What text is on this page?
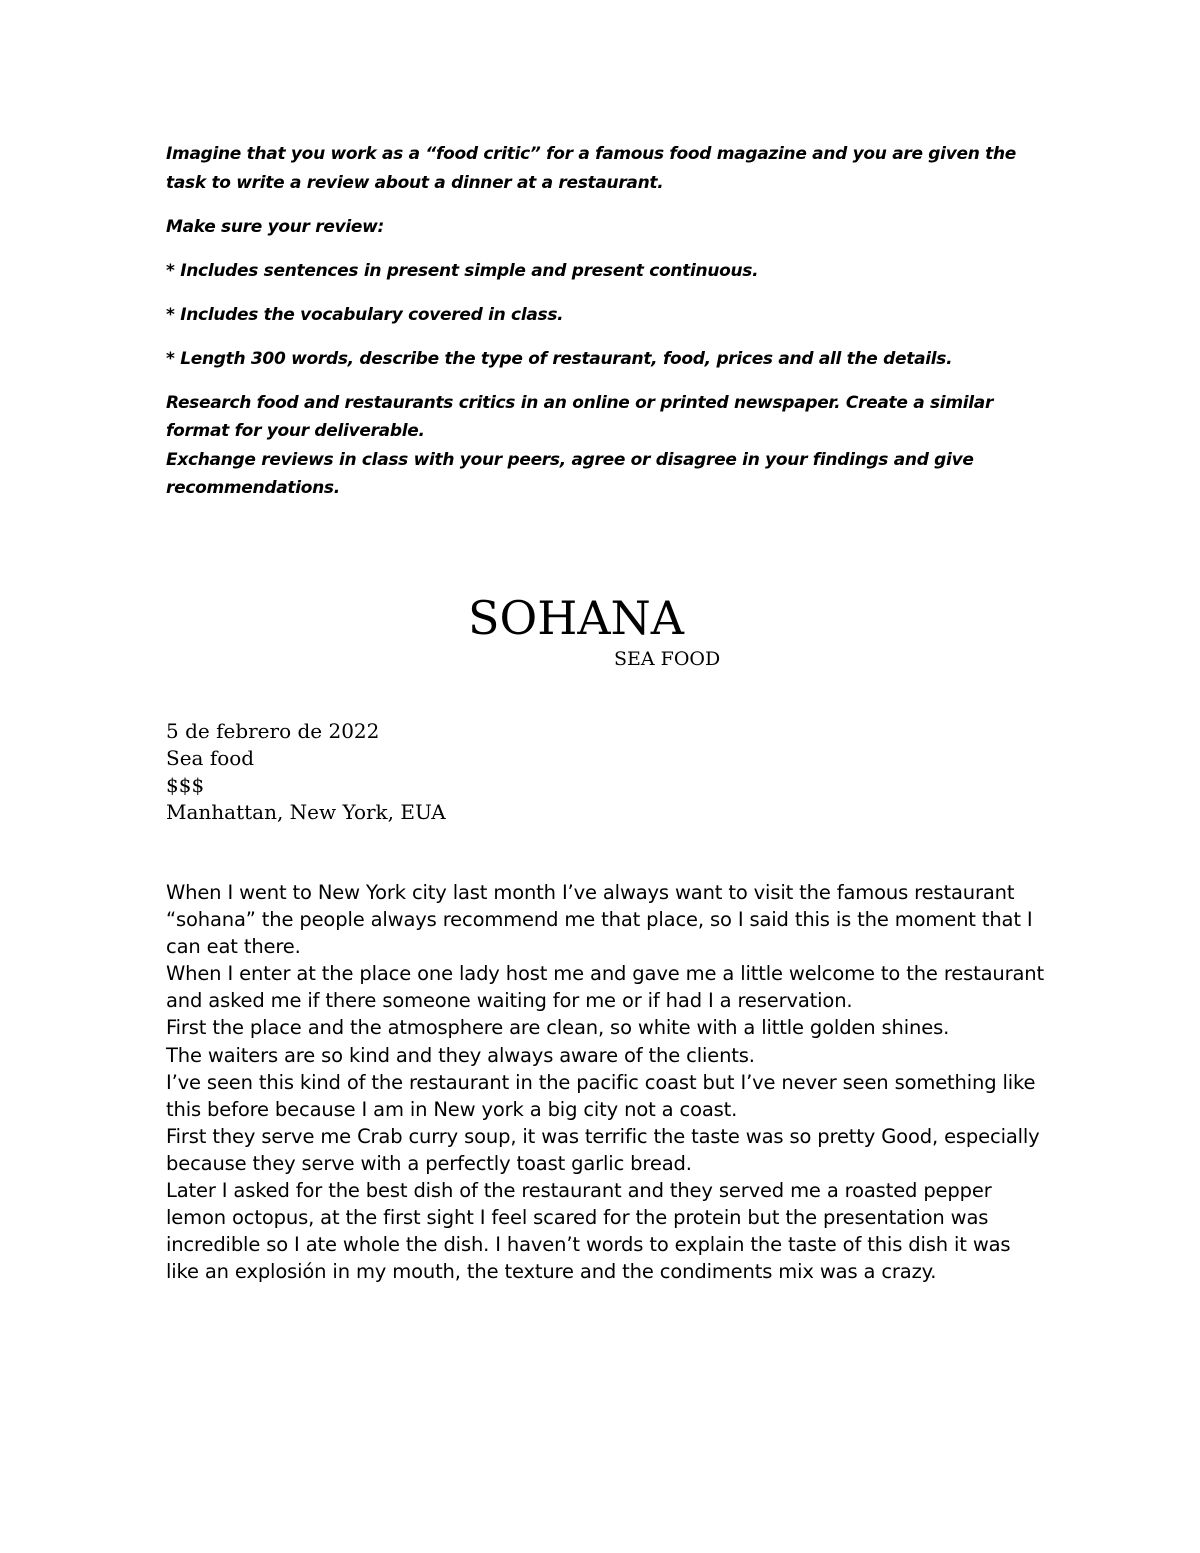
Imagine that you work as a “food critic” for a famous food magazine and you are given the task to write a review about a dinner at a restaurant.

Make sure your review:

* Includes sentences in present simple and present continuous.

* Includes the vocabulary covered in class.

* Length 300 words, describe the type of restaurant, food, prices and all the details.

Research food and restaurants critics in an online or printed newspaper. Create a similar format for your deliverable.

Exchange reviews in class with your peers, agree or disagree in your findings and give recommendations.

SOHANA
SEA FOOD
5 de febrero de 2022
Sea food
$$$
Manhattan, New York, EUA

When I went to New York city last month I’ve always want to visit the famous restaurant “sohana” the people always recommend me that place, so I said this is the moment that I can eat there.

When I enter at the place one lady host me and gave me a little welcome to the restaurant and asked me if there someone waiting for me or if had I a reservation.

First the place and the atmosphere are clean, so white with a little golden shines.

The waiters are so kind and they always aware of the clients.

I’ve seen this kind of the restaurant in the pacific coast but I’ve never seen something like this before because I am in New york a big city not a coast.

First they serve me Crab curry soup, it was terrific the taste was so pretty Good, especially because they serve with a perfectly toast garlic bread.

Later I asked for the best dish of the restaurant and they served me a roasted pepper lemon octopus, at the first sight I feel scared for the protein but the presentation was incredible so I ate whole the dish. I haven’t words to explain the taste of this dish it was like an explosión in my mouth, the texture and the condiments mix was a crazy.
